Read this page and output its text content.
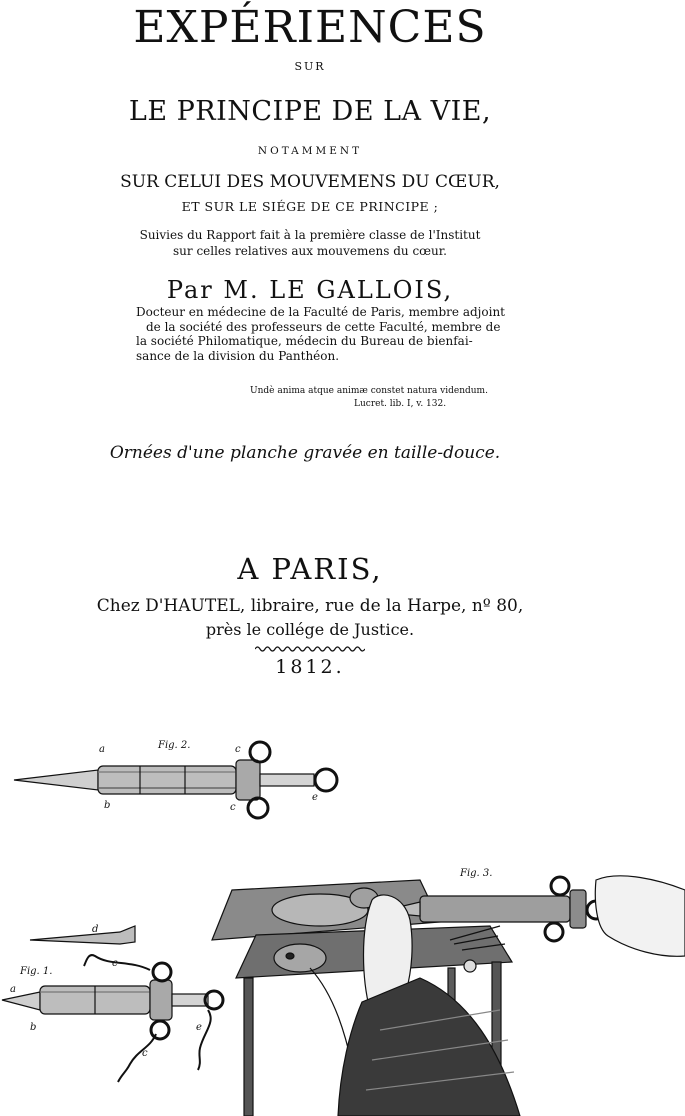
EXPÉRIENCES
SUR
LE PRINCIPE DE LA VIE,
NOTAMMENT
SUR CELUI DES MOUVEMENS DU CŒUR,
ET SUR LE SIÉGE DE CE PRINCIPE ;
Suivies du Rapport fait à la première classe de l'Institut
sur celles relatives aux mouvemens du cœur.
Par M. LE GALLOIS,
Docteur en médecine de la Faculté de Paris, membre adjoint
de la société des professeurs de cette Faculté, membre de
la société Philomatique, médecin du Bureau de bienfai-
sance de la division du Panthéon.
Undè anima atque animæ constet natura videndum.
Lucret. lib. I, v. 132.
Ornées d'une planche gravée en taille-douce.
A PARIS,
Chez D'HAUTEL, libraire, rue de la Harpe, nº 80,
près le collége de Justice.
1812.
Fig. 2.
a
b
c
c
e
Fig. 1.
d
c
c
a
b	e
Fig. 3.
